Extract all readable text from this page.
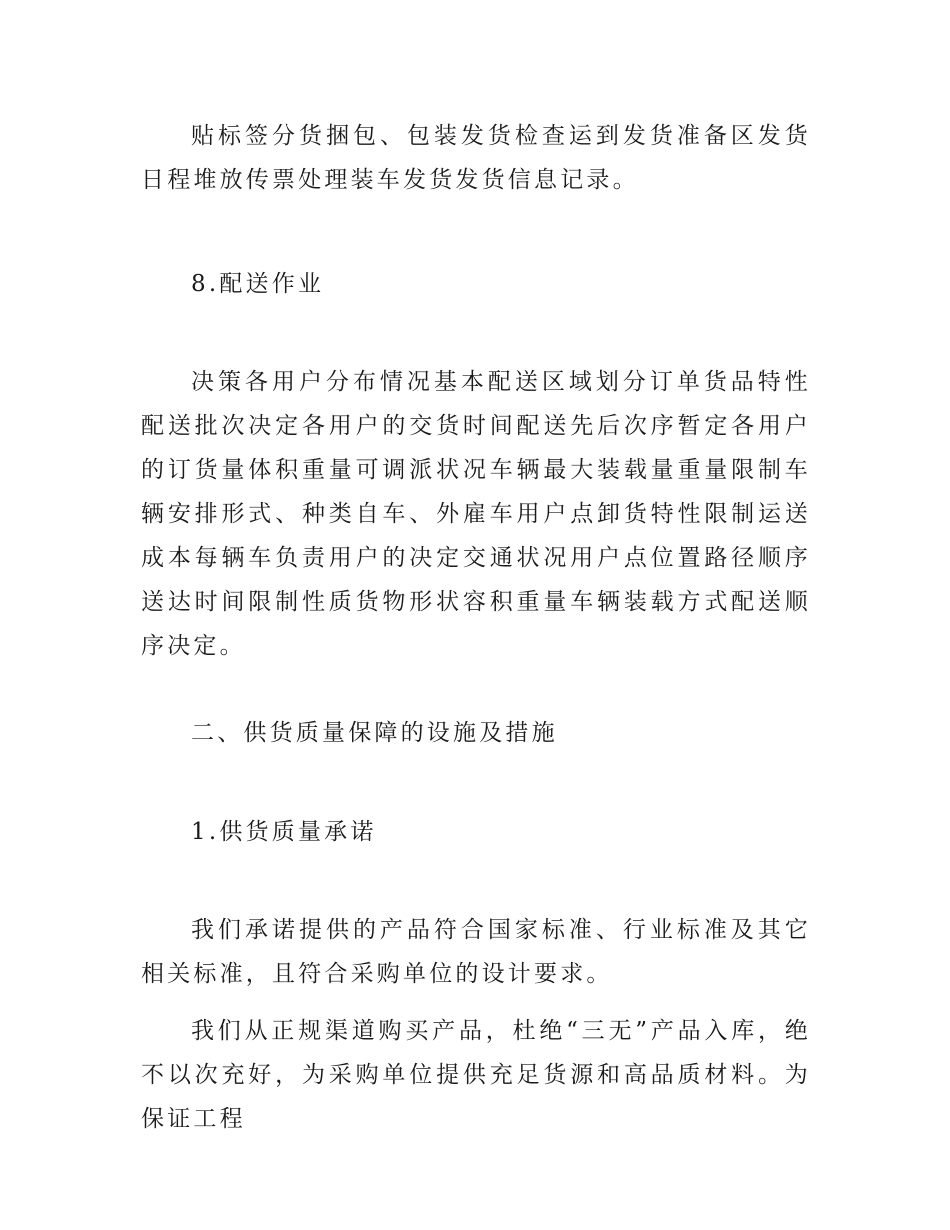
贴标签分货捆包、包装发货检查运到发货准备区发货日程堆放传票处理装车发货发货信息记录。

8.配送作业

决策各用户分布情况基本配送区域划分订单货品特性配送批次决定各用户的交货时间配送先后次序暂定各用户的订货量体积重量可调派状况车辆最大装载量重量限制车辆安排形式、种类自车、外雇车用户点卸货特性限制运送成本每辆车负责用户的决定交通状况用户点位置路径顺序送达时间限制性质货物形状容积重量车辆装载方式配送顺序决定。

二、供货质量保障的设施及措施

1.供货质量承诺

我们承诺提供的产品符合国家标准、行业标准及其它相关标准，且符合采购单位的设计要求。

我们从正规渠道购买产品，杜绝“三无”产品入库，绝不以次充好，为采购单位提供充足货源和高品质材料。为保证工程
